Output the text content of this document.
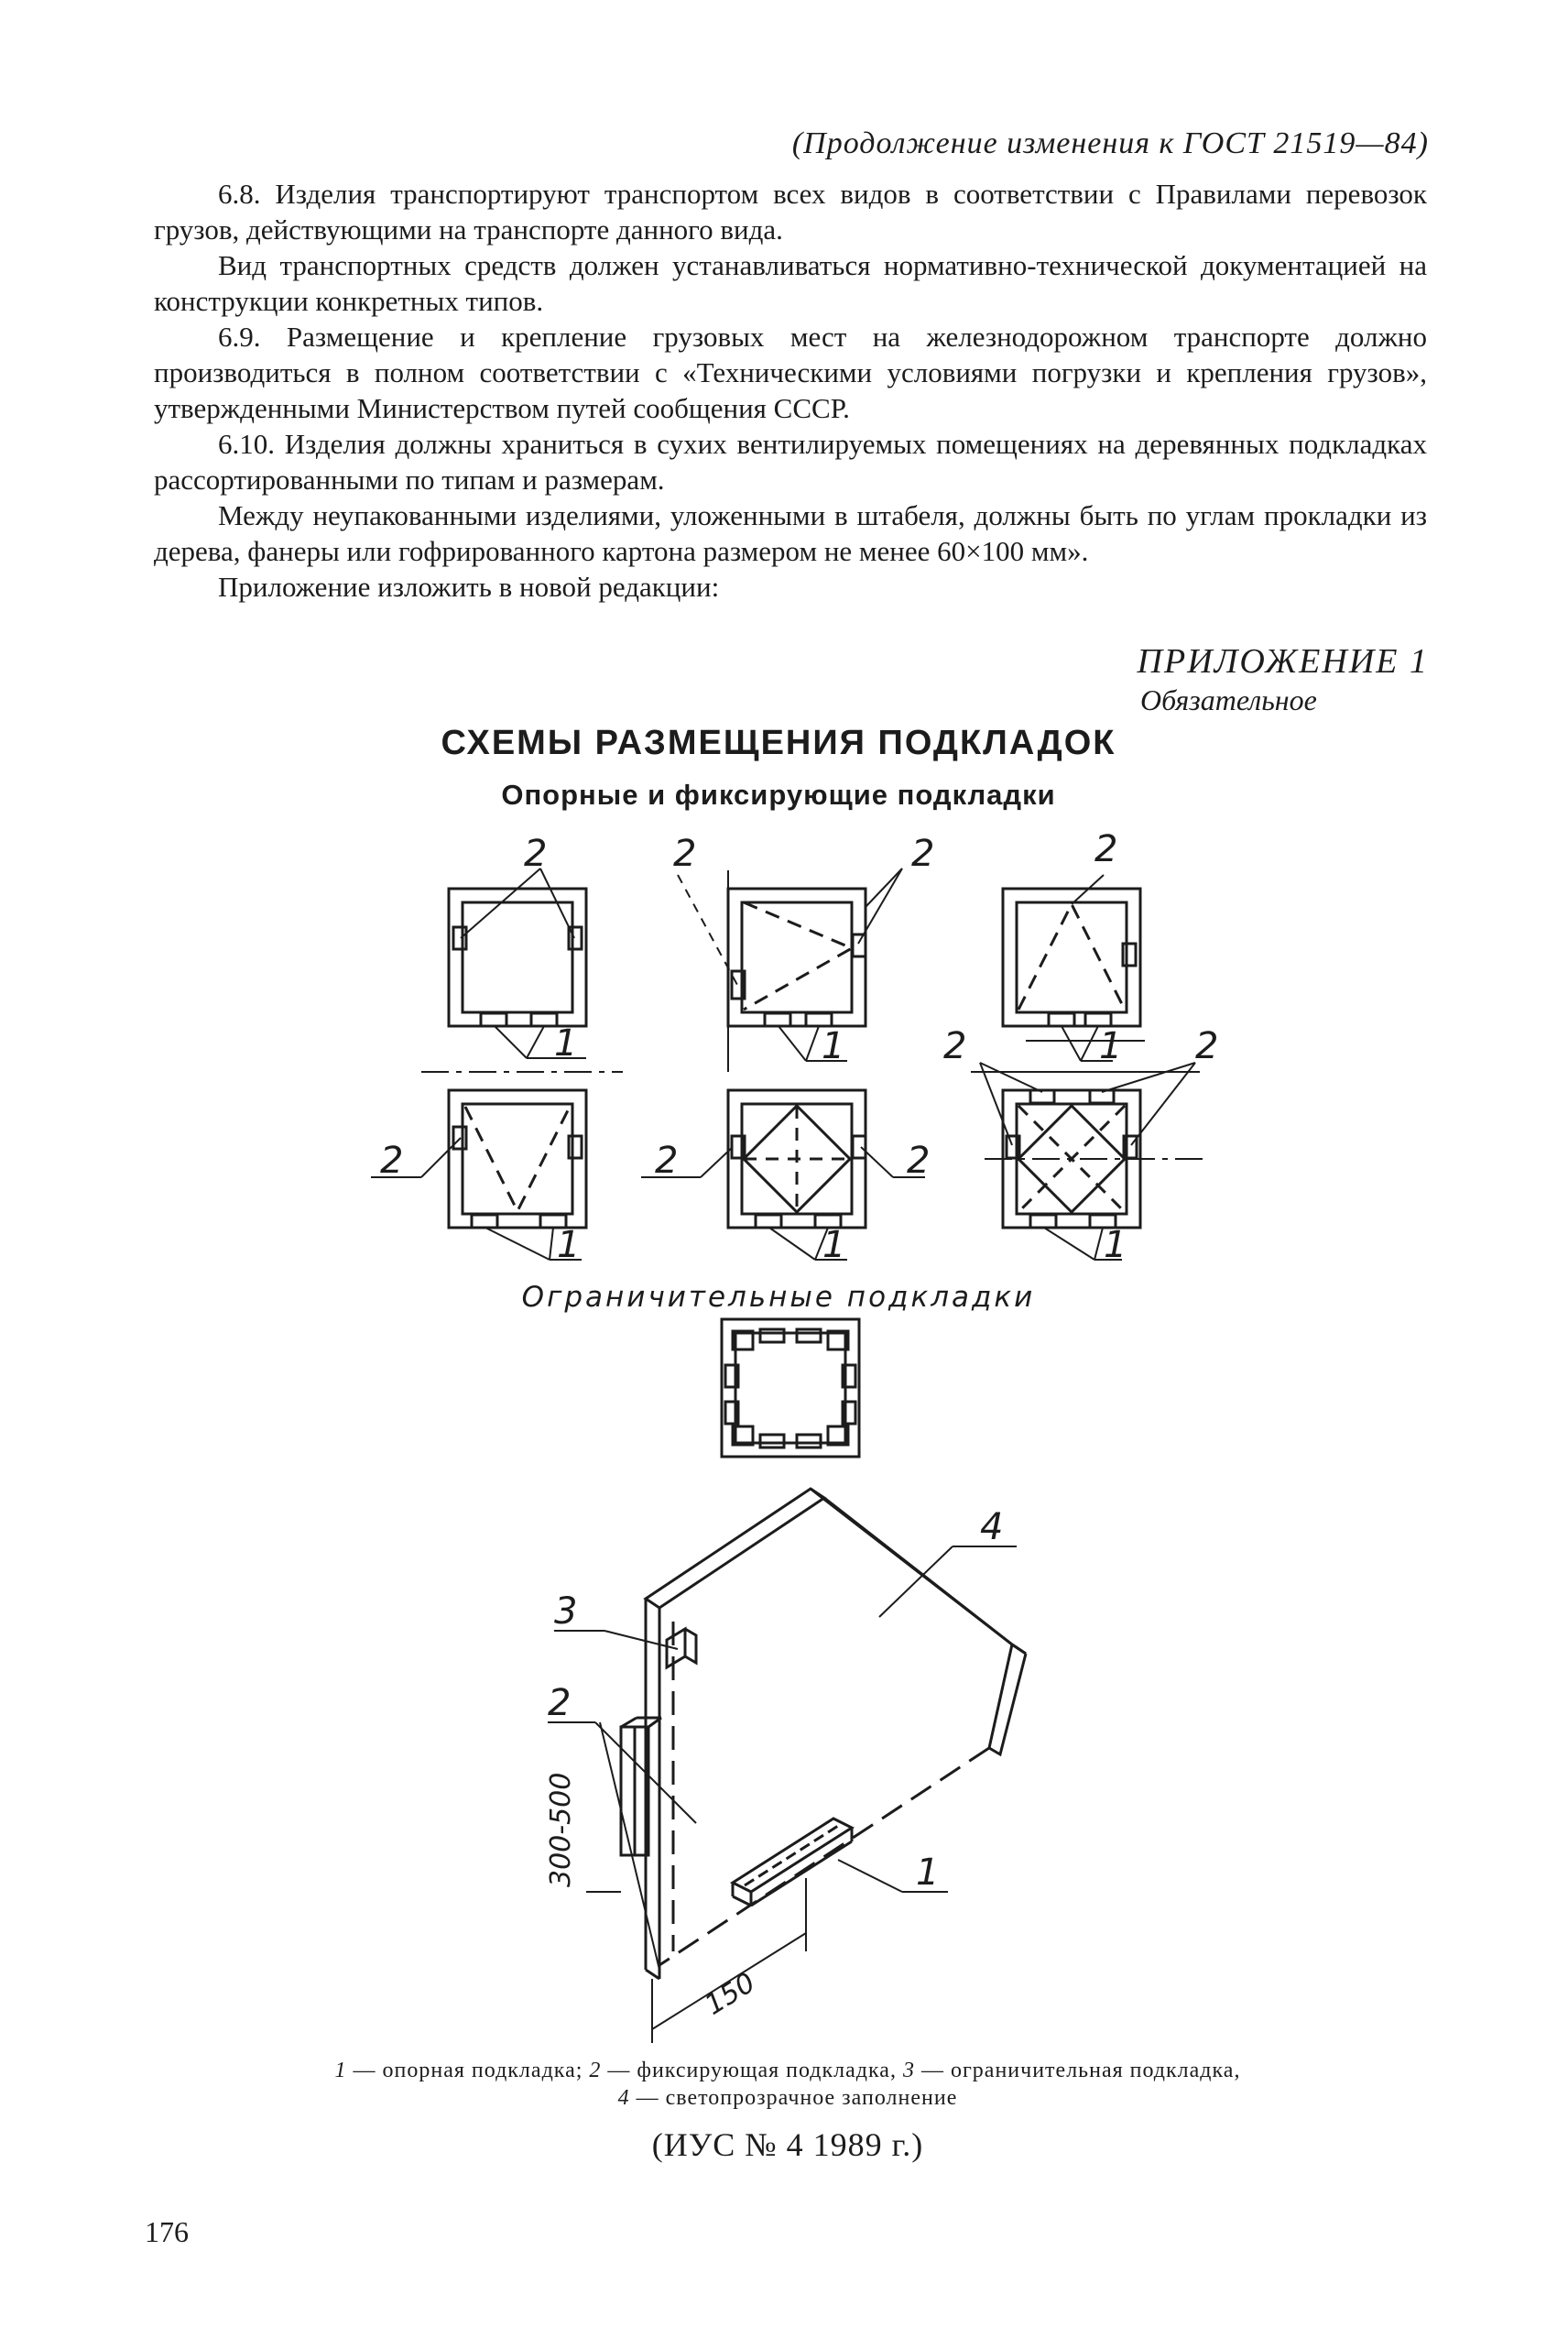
(Продолжение изменения к ГОСТ 21519—84)

6.8. Изделия транспортируют транспортом всех видов в соответствии с Правилами перевозок грузов, действующими на транспорте данного вида.

Вид транспортных средств должен устанавливаться нормативно-технической документацией на конструкции конкретных типов.

6.9. Размещение и крепление грузовых мест на железнодорожном транспорте должно производиться в полном соответствии с «Техническими условиями погрузки и крепления грузов», утвержденными Министерством путей сообщения СССР.

6.10. Изделия должны храниться в сухих вентилируемых помещениях на деревянных подкладках рассортированными по типам и размерам.

Между неупакованными изделиями, уложенными в штабеля, должны быть по углам прокладки из дерева, фанеры или гофрированного картона размером не менее 60×100 мм».

Приложение изложить в новой редакции:

ПРИЛОЖЕНИЕ 1
Обязательное
СХЕМЫ РАЗМЕЩЕНИЯ ПОДКЛАДОК
Опорные и фиксирующие подкладки
2	2	2	2
1	1	1
2	2
2	2	2
1	1	1
4
3
2
1
300-500
150
Ограничительные подкладки
1 — опорная подкладка; 2 — фиксирующая подкладка, 3 — ограничительная подкладка, 4 — светопрозрачное заполнение
(ИУС № 4 1989 г.)
176
